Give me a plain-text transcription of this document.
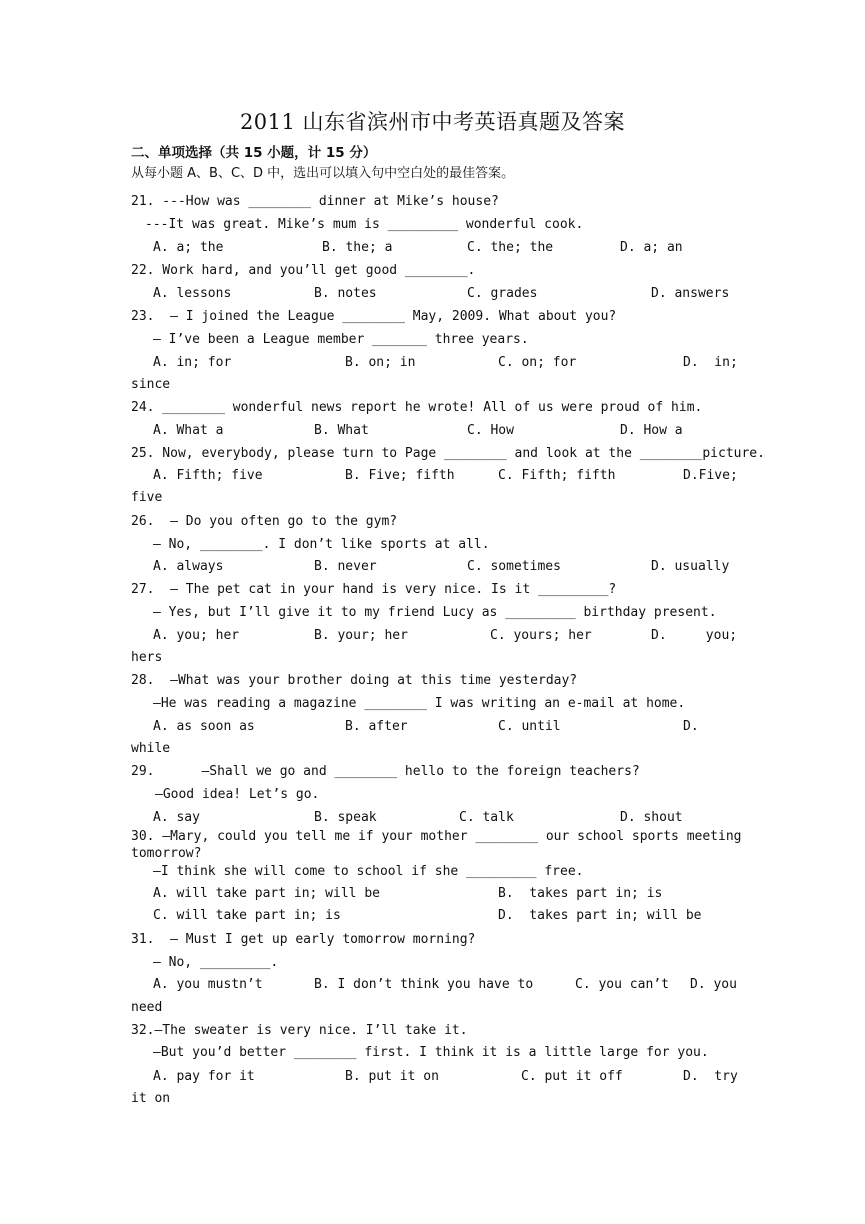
2011 山东省滨州市中考英语真题及答案
二、单项选择（共 15 小题，计 15 分）
从每小题 A、B、C、D 中，选出可以填入句中空白处的最佳答案。
21. ---How was ________ dinner at Mike’s house?
---It was great. Mike’s mum is _________ wonderful cook.
A. a; the	B. the; a	C. the; the	D. a; an
22. Work hard, and you’ll get good ________.
A. lessons	B. notes	C. grades	D. answers
23.  – I joined the League ________ May, 2009. What about you?
– I’ve been a League member _______ three years.
A. in; for	B. on; in	C. on; for	D.  in;
since
24. ________ wonderful news report he wrote! All of us were proud of him.
A. What a	B. What	C. How	D. How a
25. Now, everybody, please turn to Page ________ and look at the ________picture.
A. Fifth; five	B. Five; fifth	C. Fifth; fifth	D.Five;
five
26.  – Do you often go to the gym?
– No, ________. I don’t like sports at all.
A. always	B. never	C. sometimes	D. usually
27.  – The pet cat in your hand is very nice. Is it _________?
– Yes, but I’ll give it to my friend Lucy as _________ birthday present.
A. you; her	B. your; her	C. yours; her	D.     you;
hers
28.  –What was your brother doing at this time yesterday?
–He was reading a magazine ________ I was writing an e-mail at home.
A. as soon as	B. after	C. until	D.
while
29.      –Shall we go and ________ hello to the foreign teachers?
–Good idea! Let’s go.
A. say	B. speak	C. talk	D. shout
30. —Mary, could you tell me if your mother ________ our school sports meeting
tomorrow?
—I think she will come to school if she _________ free.
A. will take part in; will be	B.  takes part in; is
C. will take part in; is	D.  takes part in; will be
31.  – Must I get up early tomorrow morning?
– No, _________.
A. you mustn’t	B. I don’t think you have to	C. you can’t D. you
need
32.—The sweater is very nice. I’ll take it.
—But you’d better ________ first. I think it is a little large for you.
A. pay for it	B. put it on	C. put it off	D.  try
it on
